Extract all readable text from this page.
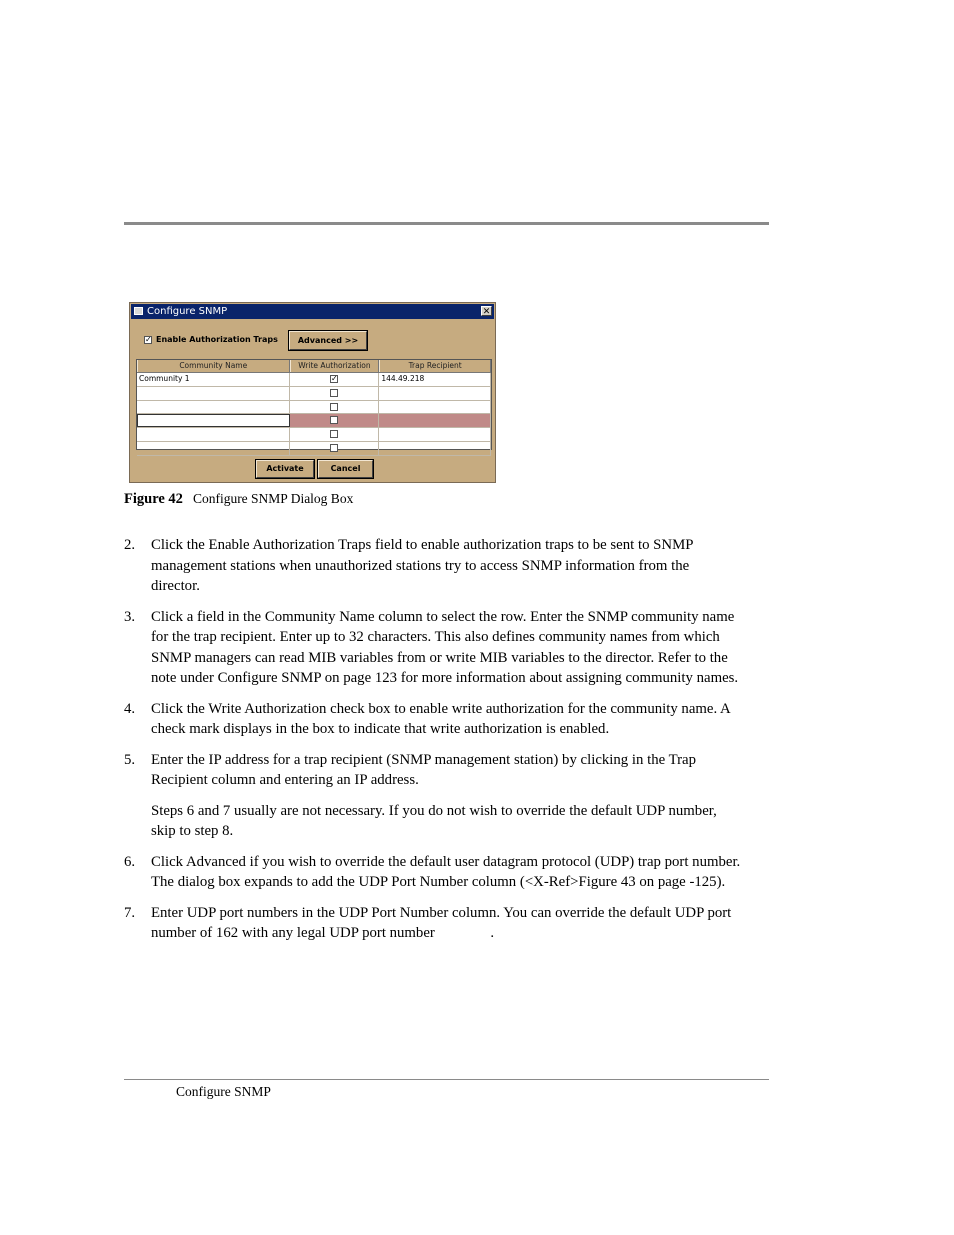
Configure SNMP	✕
✓ Enable Authorization Traps	Advanced >>
Community Name	Write Authorization	Trap Recipient
Community 1	✓	144.49.218
Activate	Cancel
Figure 42 Configure SNMP Dialog Box
2.	Click the Enable Authorization Traps field to enable authorization traps to be sent to SNMP management stations when unauthorized stations try to access SNMP information from the director.
3.	Click a field in the Community Name column to select the row. Enter the SNMP community name for the trap recipient. Enter up to 32 characters. This also defines community names from which SNMP managers can read MIB variables from or write MIB variables to the director. Refer to the note under Configure SNMP on page 123 for more information about assigning community names.
4.	Click the Write Authorization check box to enable write authorization for the community name. A check mark displays in the box to indicate that write authorization is enabled.
5.	Enter the IP address for a trap recipient (SNMP management station) by clicking in the Trap Recipient column and entering an IP address.
Steps 6 and 7 usually are not necessary. If you do not wish to override the default UDP number, skip to step 8.
6.	Click Advanced if you wish to override the default user datagram protocol (UDP) trap port number. The dialog box expands to add the UDP Port Number column (<X-Ref>Figure 43 on page -125).
7.	Enter UDP port numbers in the UDP Port Number column. You can override the default UDP port number of 162 with any legal UDP port number               .
Configure SNMP
